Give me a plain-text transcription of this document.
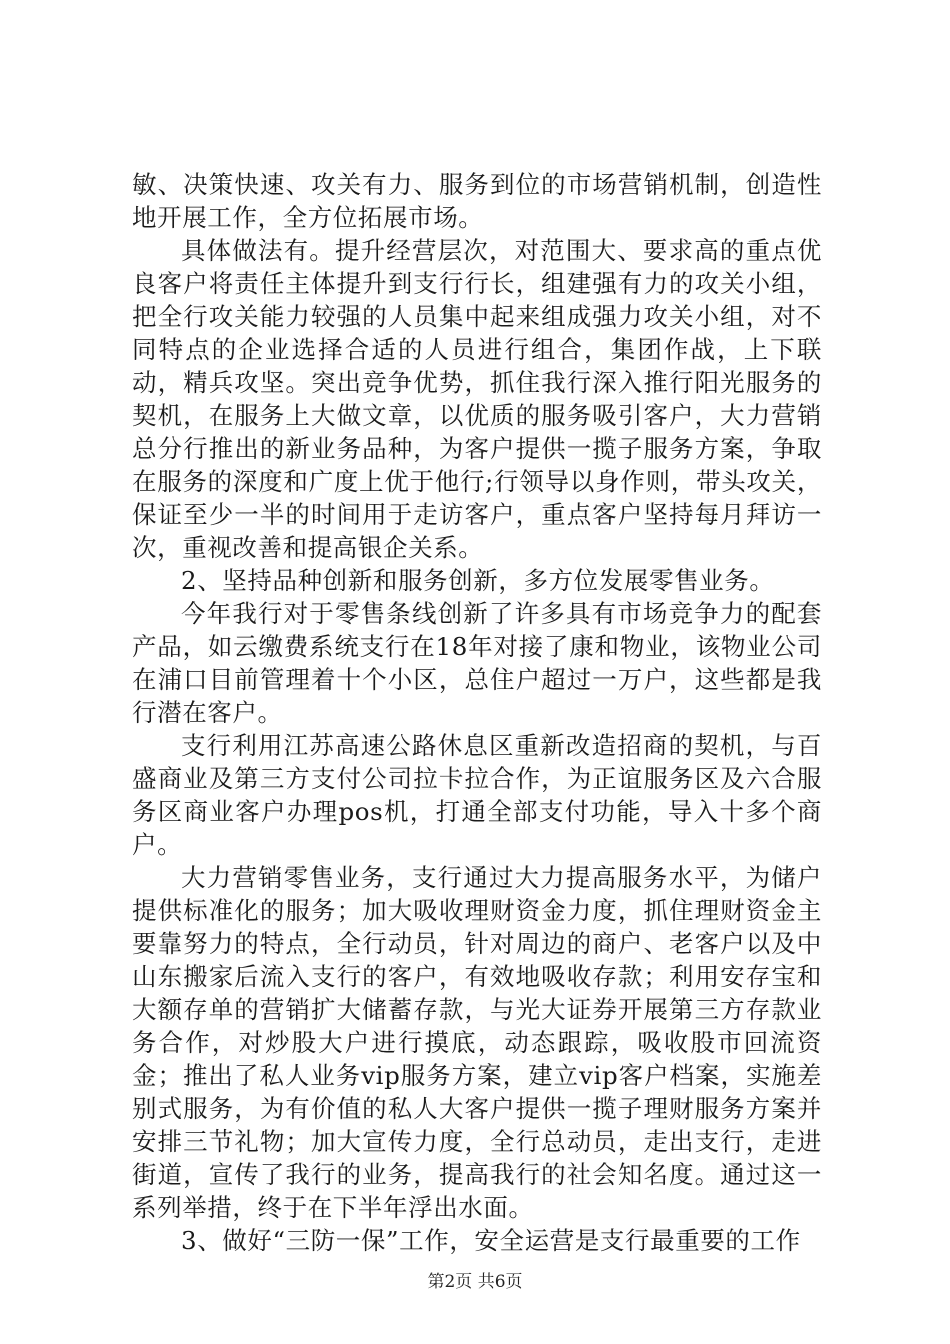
敏、决策快速、攻关有力、服务到位的市场营销机制，创造性地开展工作，全方位拓展市场。

具体做法有。提升经营层次，对范围大、要求高的重点优良客户将责任主体提升到支行行长，组建强有力的攻关小组，把全行攻关能力较强的人员集中起来组成强力攻关小组，对不同特点的企业选择合适的人员进行组合，集团作战，上下联动，精兵攻坚。突出竞争优势，抓住我行深入推行阳光服务的契机，在服务上大做文章，以优质的服务吸引客户，大力营销总分行推出的新业务品种，为客户提供一揽子服务方案，争取在服务的深度和广度上优于他行;行领导以身作则，带头攻关，保证至少一半的时间用于走访客户，重点客户坚持每月拜访一次，重视改善和提高银企关系。

2、坚持品种创新和服务创新，多方位发展零售业务。

今年我行对于零售条线创新了许多具有市场竞争力的配套产品，如云缴费系统支行在18年对接了康和物业，该物业公司在浦口目前管理着十个小区，总住户超过一万户，这些都是我行潜在客户。

支行利用江苏高速公路休息区重新改造招商的契机，与百盛商业及第三方支付公司拉卡拉合作，为正谊服务区及六合服务区商业客户办理pos机，打通全部支付功能，导入十多个商户。

大力营销零售业务，支行通过大力提高服务水平，为储户提供标准化的服务；加大吸收理财资金力度，抓住理财资金主要靠努力的特点，全行动员，针对周边的商户、老客户以及中山东搬家后流入支行的客户，有效地吸收存款；利用安存宝和大额存单的营销扩大储蓄存款，与光大证券开展第三方存款业务合作，对炒股大户进行摸底，动态跟踪，吸收股市回流资金；推出了私人业务vip服务方案，建立vip客户档案，实施差别式服务，为有价值的私人大客户提供一揽子理财服务方案并安排三节礼物；加大宣传力度，全行总动员，走出支行，走进街道，宣传了我行的业务，提高我行的社会知名度。通过这一系列举措，终于在下半年浮出水面。

3、做好“三防一保”工作，安全运营是支行最重要的工作

第2页 共6页
